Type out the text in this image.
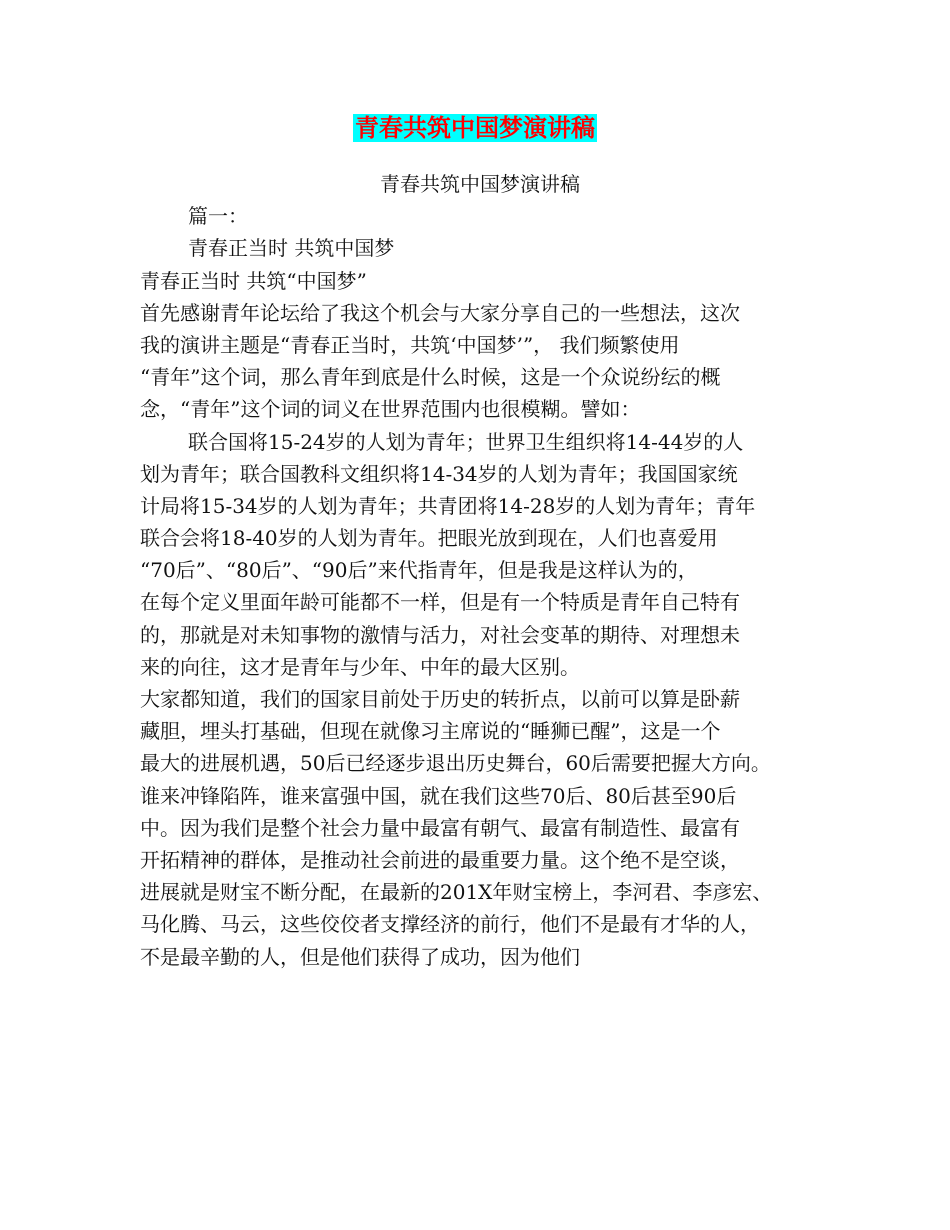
青春共筑中国梦演讲稿
青春共筑中国梦演讲稿
篇一：
青春正当时 共筑中国梦
青春正当时 共筑“中国梦”
首先感谢青年论坛给了我这个机会与大家分享自己的一些想法，这次
我的演讲主题是“青春正当时，共筑‘中国梦’”， 我们频繁使用
“青年”这个词，那么青年到底是什么时候，这是一个众说纷纭的概
念，“青年”这个词的词义在世界范围内也很模糊。譬如：
联合国将15-24岁的人划为青年；世界卫生组织将14-44岁的人
划为青年；联合国教科文组织将14-34岁的人划为青年；我国国家统
计局将15-34岁的人划为青年；共青团将14-28岁的人划为青年；青年
联合会将18-40岁的人划为青年。把眼光放到现在，人们也喜爱用
“70后”、“80后”、“90后”来代指青年，但是我是这样认为的，
在每个定义里面年龄可能都不一样，但是有一个特质是青年自己特有
的，那就是对未知事物的激情与活力，对社会变革的期待、对理想未
来的向往，这才是青年与少年、中年的最大区别。
大家都知道，我们的国家目前处于历史的转折点，以前可以算是卧薪
藏胆，埋头打基础，但现在就像习主席说的“睡狮已醒”，这是一个
最大的进展机遇，50后已经逐步退出历史舞台，60后需要把握大方向。
谁来冲锋陷阵，谁来富强中国，就在我们这些70后、80后甚至90后
中。因为我们是整个社会力量中最富有朝气、最富有制造性、最富有
开拓精神的群体，是推动社会前进的最重要力量。这个绝不是空谈，
进展就是财宝不断分配，在最新的201X年财宝榜上，李河君、李彦宏、
马化腾、马云，这些佼佼者支撑经济的前行，他们不是最有才华的人，
不是最辛勤的人，但是他们获得了成功，因为他们
